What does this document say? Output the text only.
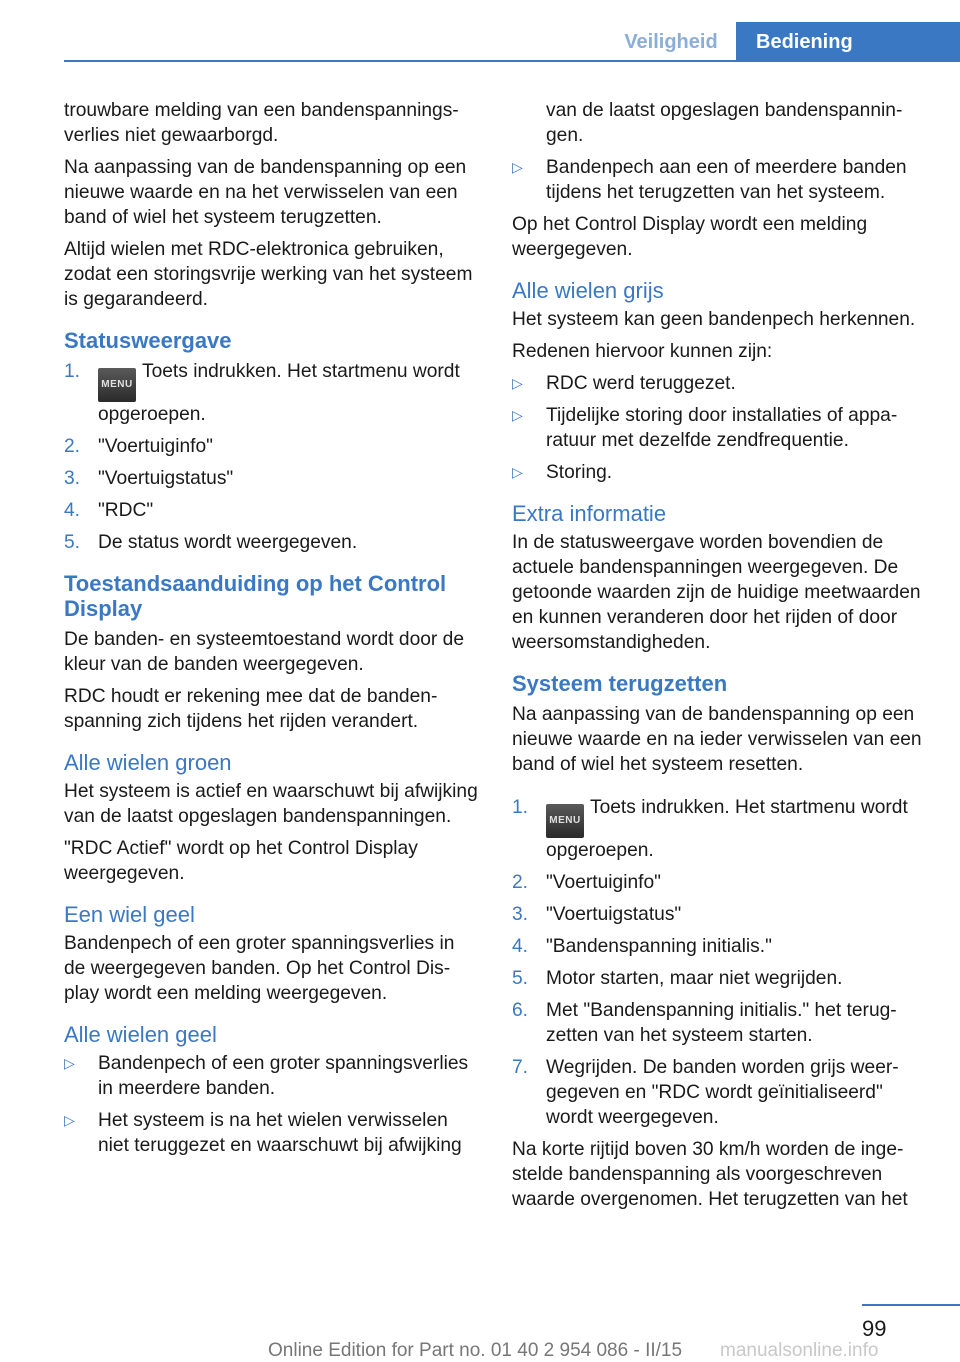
Veiligheid	Bediening

trouwbare melding van een bandenspanningsverlies niet gewaarborgd.

Na aanpassing van de bandenspanning op een nieuwe waarde en na het verwisselen van een band of wiel het systeem terugzetten.

Altijd wielen met RDC-elektronica gebruiken, zodat een storingsvrije werking van het systeem is gegarandeerd.

Statusweergave
1.
MENUToets indrukken. Het startmenu wordt opgeroepen.
2. "Voertuiginfo"
3. "Voertuigstatus"
4. "RDC"
5. De status wordt weergegeven.
Toestandsaanduiding op het Control Display

De banden- en systeemtoestand wordt door de kleur van de banden weergegeven.

RDC houdt er rekening mee dat de bandenspanning zich tijdens het rijden verandert.

Alle wielen groen

Het systeem is actief en waarschuwt bij afwijking van de laatst opgeslagen bandenspanningen.

"RDC Actief" wordt op het Control Display weergegeven.

Een wiel geel

Bandenpech of een groter spanningsverlies in de weergegeven banden. Op het Control Display wordt een melding weergegeven.

Alle wielen geel
▷ Bandenpech of een groter spanningsverlies in meerdere banden.
▷ Het systeem is na het wielen verwisselen niet teruggezet en waarschuwt bij afwijking
van de laatst opgeslagen bandenspanningen.
▷ Bandenpech aan een of meerdere banden tijdens het terugzetten van het systeem.

Op het Control Display wordt een melding weergegeven.

Alle wielen grijs

Het systeem kan geen bandenpech herkennen.

Redenen hiervoor kunnen zijn:

▷ RDC werd teruggezet.
▷ Tijdelijke storing door installaties of apparatuur met dezelfde zendfrequentie.
▷ Storing.
Extra informatie

In de statusweergave worden bovendien de actuele bandenspanningen weergegeven. De getoonde waarden zijn de huidige meetwaarden en kunnen veranderen door het rijden of door weersomstandigheden.

Systeem terugzetten

Na aanpassing van de bandenspanning op een nieuwe waarde en na ieder verwisselen van een band of wiel het systeem resetten.

1.
MENUToets indrukken. Het startmenu wordt opgeroepen.
2. "Voertuiginfo"
3. "Voertuigstatus"
4. "Bandenspanning initialis."
5. Motor starten, maar niet wegrijden.
6. Met "Bandenspanning initialis." het terugzetten van het systeem starten.
7. Wegrijden. De banden worden grijs weergegeven en "RDC wordt geïnitialiseerd" wordt weergegeven.

Na korte rijtijd boven 30 km/h worden de ingestelde bandenspanning als voorgeschreven waarde overgenomen. Het terugzetten van het

99
Online Edition for Part no. 01 40 2 954 086 - II/15 manualsonline.info
